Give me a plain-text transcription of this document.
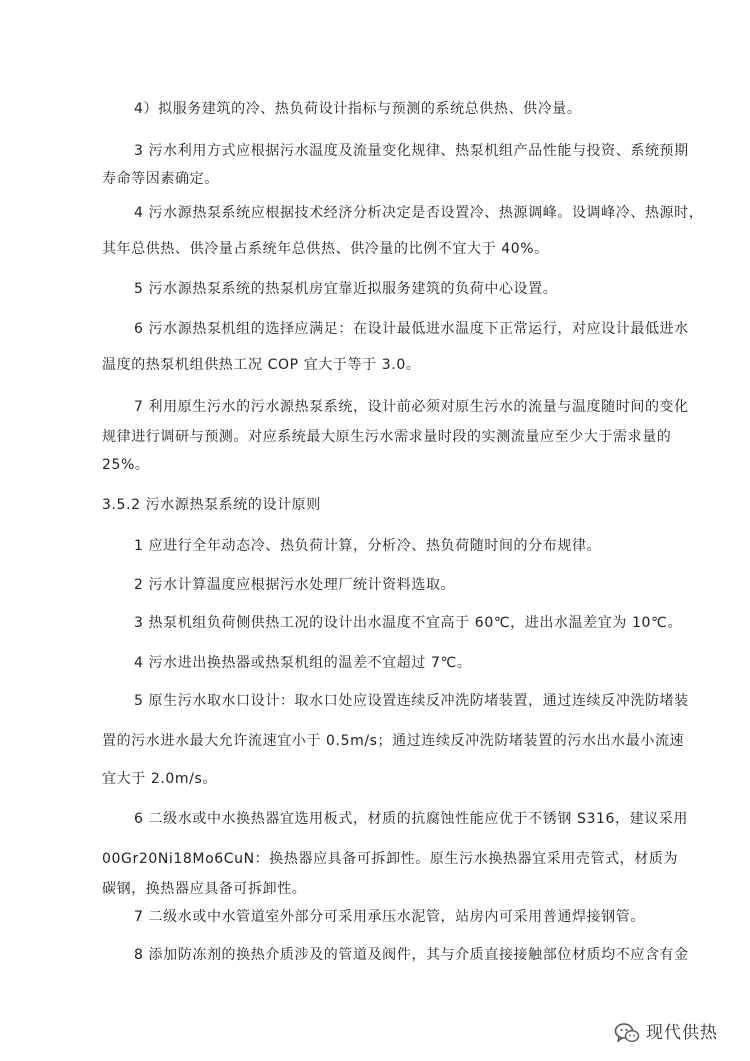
4）拟服务建筑的冷、热负荷设计指标与预测的系统总供热、供冷量。
3 污水利用方式应根据污水温度及流量变化规律、热泵机组产品性能与投资、系统预期
寿命等因素确定。
4 污水源热泵系统应根据技术经济分析决定是否设置冷、热源调峰。设调峰冷、热源时，
其年总供热、供冷量占系统年总供热、供冷量的比例不宜大于 40%。
5 污水源热泵系统的热泵机房宜靠近拟服务建筑的负荷中心设置。
6 污水源热泵机组的选择应满足：在设计最低进水温度下正常运行，对应设计最低进水
温度的热泵机组供热工况 COP 宜大于等于 3.0。
7 利用原生污水的污水源热泵系统，设计前必须对原生污水的流量与温度随时间的变化
规律进行调研与预测。对应系统最大原生污水需求量时段的实测流量应至少大于需求量的
25%。
3.5.2 污水源热泵系统的设计原则
1 应进行全年动态冷、热负荷计算，分析冷、热负荷随时间的分布规律。
2 污水计算温度应根据污水处理厂统计资料选取。
3 热泵机组负荷侧供热工况的设计出水温度不宜高于 60℃，进出水温差宜为 10℃。
4 污水进出换热器或热泵机组的温差不宜超过 7℃。
5 原生污水取水口设计：取水口处应设置连续反冲洗防堵装置，通过连续反冲洗防堵装
置的污水进水最大允许流速宜小于 0.5m/s；通过连续反冲洗防堵装置的污水出水最小流速
宜大于 2.0m/s。
6 二级水或中水换热器宜选用板式，材质的抗腐蚀性能应优于不锈钢 S316，建议采用
00Gr20Ni18Mo6CuN：换热器应具备可拆卸性。原生污水换热器宜采用壳管式，材质为
碳钢，换热器应具备可拆卸性。
7 二级水或中水管道室外部分可采用承压水泥管，站房内可采用普通焊接钢管。
8 添加防冻剂的换热介质涉及的管道及阀件，其与介质直接接触部位材质均不应含有金
现代供热
